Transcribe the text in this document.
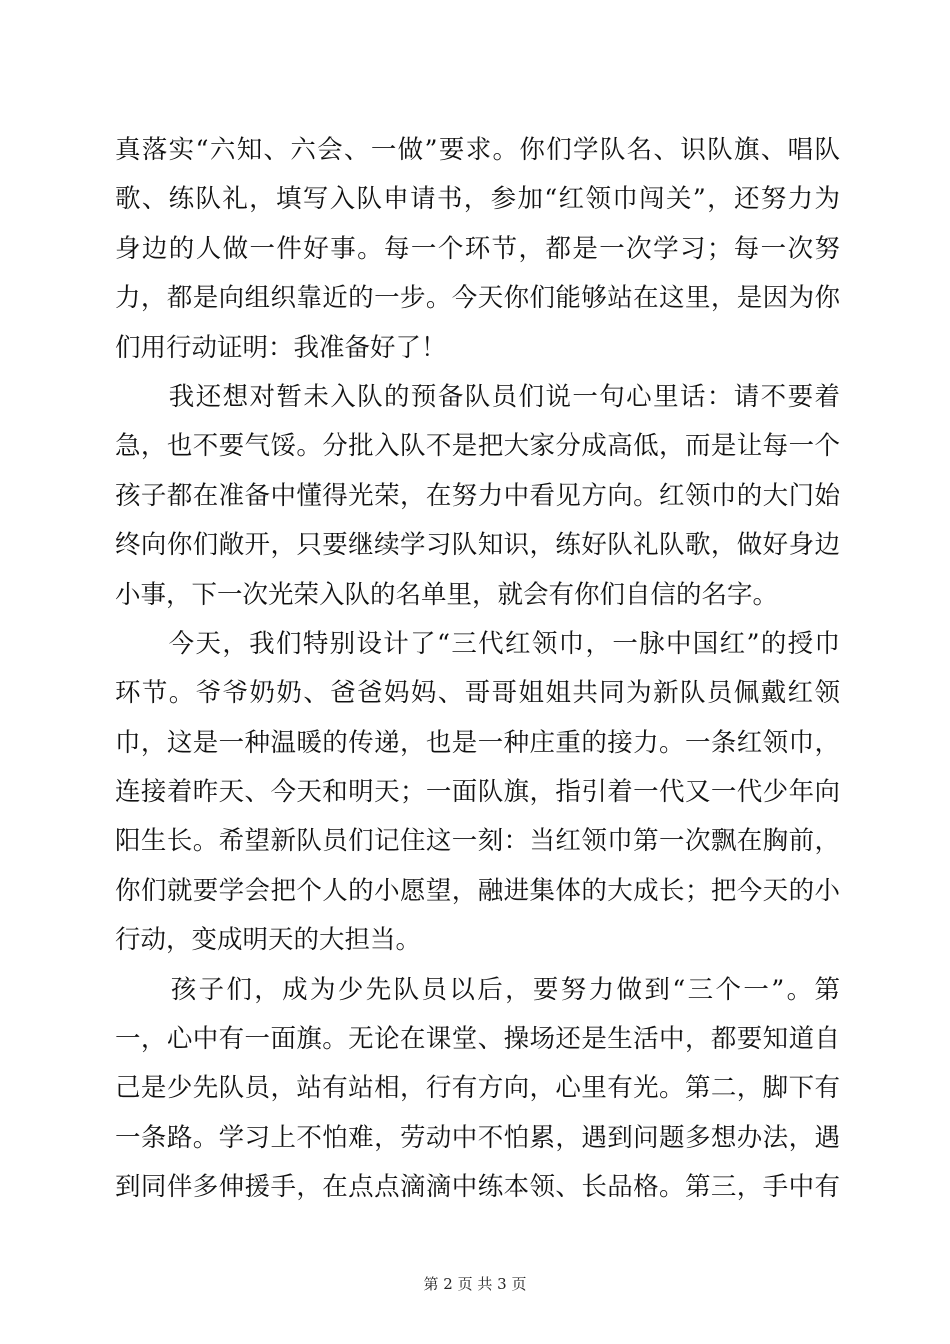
真落实“六知、六会、一做”要求。你们学队名、识队旗、唱队
歌、练队礼，填写入队申请书，参加“红领巾闯关”，还努力为
身边的人做一件好事。每一个环节，都是一次学习；每一次努
力，都是向组织靠近的一步。今天你们能够站在这里，是因为你
们用行动证明：我准备好了！
　　我还想对暂未入队的预备队员们说一句心里话：请不要着
急，也不要气馁。分批入队不是把大家分成高低，而是让每一个
孩子都在准备中懂得光荣，在努力中看见方向。红领巾的大门始
终向你们敞开，只要继续学习队知识，练好队礼队歌，做好身边
小事，下一次光荣入队的名单里，就会有你们自信的名字。
　　今天，我们特别设计了“三代红领巾，一脉中国红”的授巾
环节。爷爷奶奶、爸爸妈妈、哥哥姐姐共同为新队员佩戴红领
巾，这是一种温暖的传递，也是一种庄重的接力。一条红领巾，
连接着昨天、今天和明天；一面队旗，指引着一代又一代少年向
阳生长。希望新队员们记住这一刻：当红领巾第一次飘在胸前，
你们就要学会把个人的小愿望，融进集体的大成长；把今天的小
行动，变成明天的大担当。
　　孩子们，成为少先队员以后，要努力做到“三个一”。第
一，心中有一面旗。无论在课堂、操场还是生活中，都要知道自
己是少先队员，站有站相，行有方向，心里有光。第二，脚下有
一条路。学习上不怕难，劳动中不怕累，遇到问题多想办法，遇
到同伴多伸援手，在点点滴滴中练本领、长品格。第三，手中有
第 2 页 共 3 页
